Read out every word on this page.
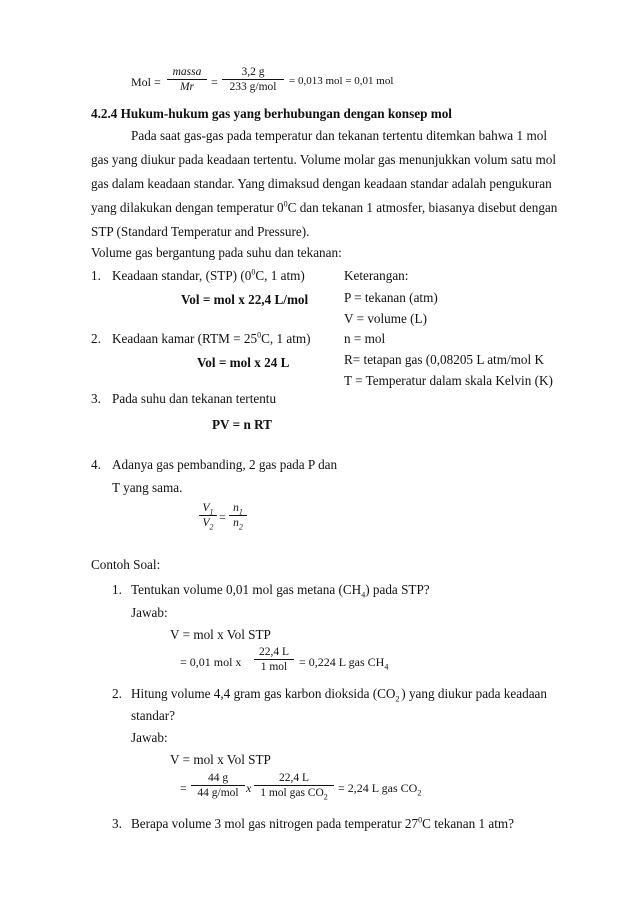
Mol =
massa
Mr	=
3,2 g
233 g/mol	= 0,013 mol = 0,01 mol
4.2.4 Hukum-hukum gas yang berhubungan dengan konsep mol
Pada saat gas-gas pada temperatur dan tekanan tertentu ditemkan bahwa 1 mol
gas yang diukur pada keadaan tertentu. Volume molar gas menunjukkan volum satu mol
gas dalam keadaan standar. Yang dimaksud dengan keadaan standar adalah pengukuran
yang dilakukan dengan temperatur $0^0$ C dan tekanan 1 atmosfer, biasanya disebut dengan
STP (Standard Temperatur and Pressure).
Volume gas bergantung pada suhu dan tekanan:
1. Keadaan standar, (STP) ($0^0C$, 1 atm)
Vol = mol x 22,4 L/mol
2. Keadaan kamar ($RTM = 25^0C$, 1 atm)
Vol = mol x 24 L
3. Pada suhu dan tekanan tertentu
PV = n RT
4. Adanya gas pembanding, 2 gas pada P dan
T yang sama.
$\frac{V_1}{V_2} = \frac{n_1}{n_2}$
Keterangan:
P = tekanan (atm)
V = volume (L)
n = mol
R= tetapan gas (0,08205 L atm/mol K
T = Temperatur dalam skala Kelvin (K)
Contoh Soal:
1. Tentukan volume 0,01 mol gas metana $(CH_4)$ pada STP?
Jawab:
V = mol x Vol STP
= 0,01 mol x
22,4 L
1 mol = 0,224 L gas $CH_4$
2. Hitung volume 4,4 gram gas karbon dioksida ($CO_2$ ) yang diukur pada keadaan
standar?
Jawab:
V = mol x Vol STP
=
44 g
44 g/mol x
22,4 L
1 mol gas $CO_2$
= 2,24 L gas $CO_2$
3. Berapa volume 3 mol gas nitrogen pada temperatur $27^0C$ tekanan 1 atm?
